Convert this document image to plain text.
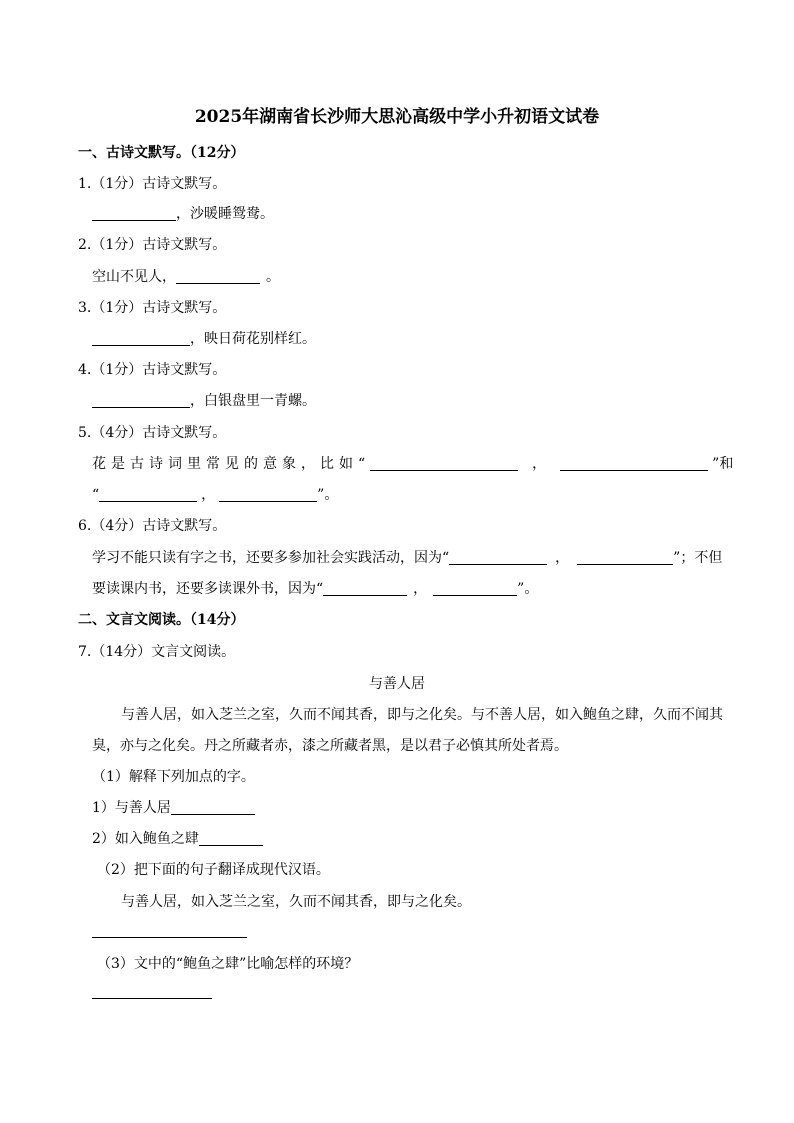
2025年湖南省长沙师大思沁高级中学小升初语文试卷
一、古诗文默写。（12分）
1.（1分）古诗文默写。
，沙暖睡鸳鸯。
2.（1分）古诗文默写。
空山不见人，	。
3.（1分）古诗文默写。
，映日荷花别样红。
4.（1分）古诗文默写。
，白银盘里一青螺。
5.（4分）古诗文默写。
花是古诗词里常见的意象，比如“	，	”和
“	，	”。
6.（4分）古诗文默写。
学习不能只读有字之书，还要多参加社会实践活动，因为“	，	”；不但
要读课内书，还要多读课外书，因为“	，	”。
二、文言文阅读。（14分）
7.（14分）文言文阅读。
与善人居
与善人居，如入芝兰之室，久而不闻其香，即与之化矣。与不善人居，如入鲍鱼之肆，久而不闻其
臭，亦与之化矣。丹之所藏者赤，漆之所藏者黑，是以君子必慎其所处者焉。
（1）解释下列加点的字。
1）与善人居
2）如入鲍鱼之肆
（2）把下面的句子翻译成现代汉语。
与善人居，如入芝兰之室，久而不闻其香，即与之化矣。
（3）文中的“鲍鱼之肆”比喻怎样的环境？
